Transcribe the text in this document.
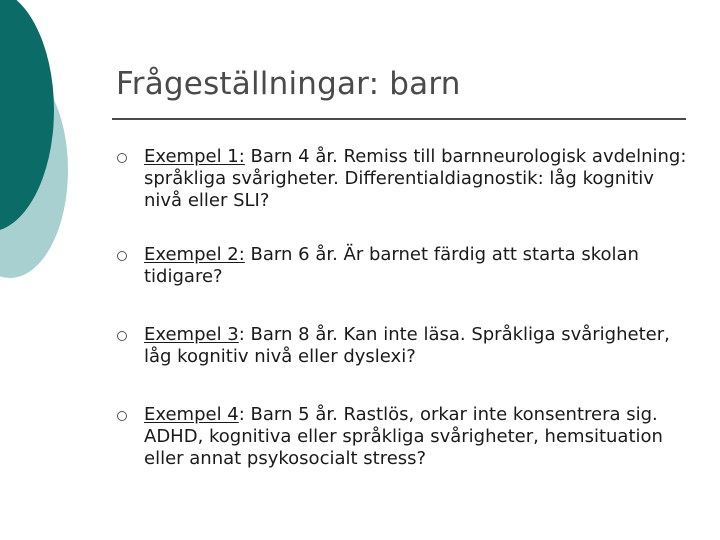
Frågeställningar: barn
Exempel 1: Barn 4 år. Remiss till barnneurologisk avdelning: språkliga svårigheter. Differentialdiagnostik: låg kognitiv nivå eller SLI?
Exempel 2: Barn 6 år. Är barnet färdig att starta skolan tidigare?
Exempel 3: Barn 8 år. Kan inte läsa. Språkliga svårigheter, låg kognitiv nivå eller dyslexi?
Exempel 4: Barn 5 år. Rastlös, orkar inte konsentrera sig. ADHD, kognitiva eller språkliga svårigheter, hemsituation eller annat psykosocialt stress?
